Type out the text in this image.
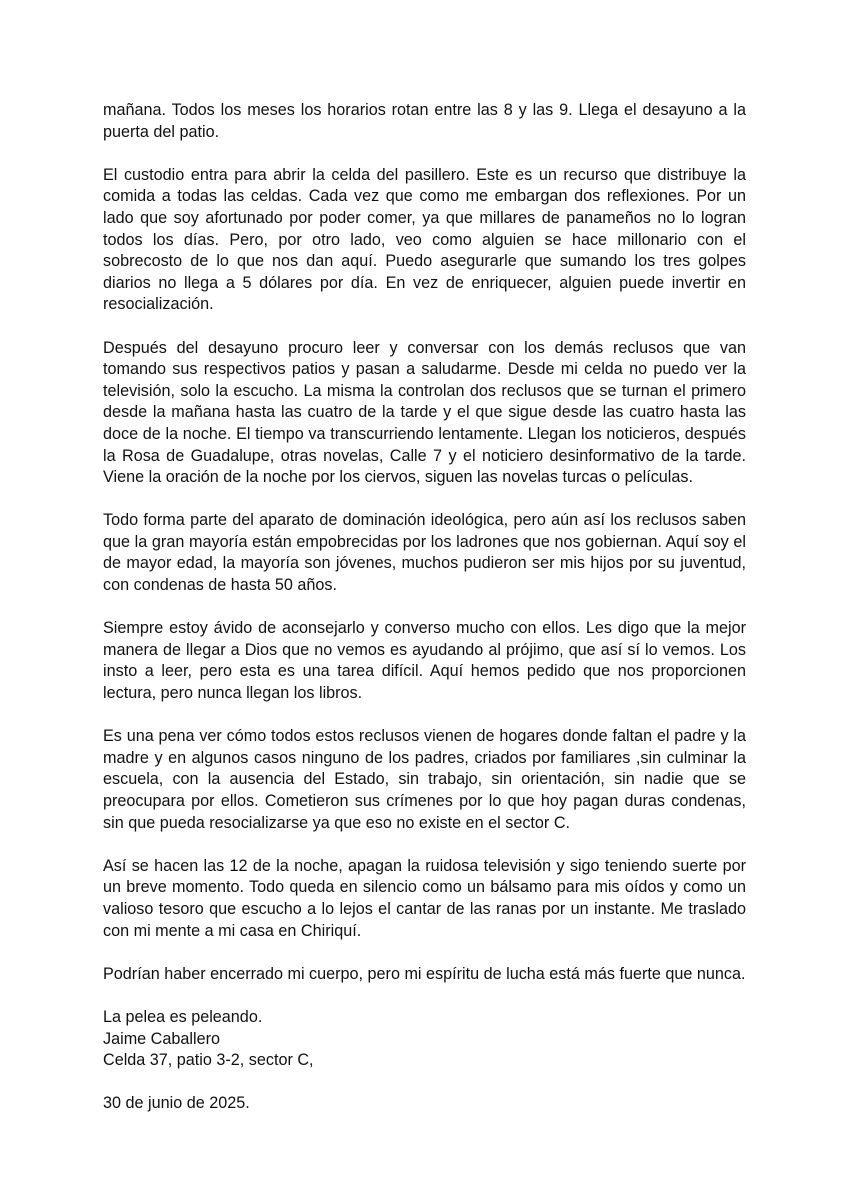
mañana. Todos los meses los horarios rotan entre las 8 y las 9. Llega el desayuno a la puerta del patio.

El custodio entra para abrir la celda del pasillero. Este es un recurso que distribuye la comida a todas las celdas. Cada vez que como me embargan dos reflexiones. Por un lado que soy afortunado por poder comer, ya que millares de panameños no lo logran todos los días. Pero, por otro lado, veo como alguien se hace millonario con el sobrecosto de lo que nos dan aquí. Puedo asegurarle que sumando los tres golpes diarios no llega a 5 dólares por día. En vez de enriquecer, alguien puede invertir en resocialización.

Después del desayuno procuro leer y conversar con los demás reclusos que van tomando sus respectivos patios y pasan a saludarme. Desde mi celda no puedo ver la televisión, solo la escucho. La misma la controlan dos reclusos que se turnan el primero desde la mañana hasta las cuatro de la tarde y el que sigue desde las cuatro hasta las doce de la noche. El tiempo va transcurriendo lentamente. Llegan los noticieros, después la Rosa de Guadalupe, otras novelas, Calle 7 y el noticiero desinformativo de la tarde. Viene la oración de la noche por los ciervos, siguen las novelas turcas o películas.

Todo forma parte del aparato de dominación ideológica, pero aún así los reclusos saben que la gran mayoría están empobrecidas por los ladrones que nos gobiernan. Aquí soy el de mayor edad, la mayoría son jóvenes, muchos pudieron ser mis hijos por su juventud, con condenas de hasta 50 años.

Siempre estoy ávido de aconsejarlo y converso mucho con ellos. Les digo que la mejor manera de llegar a Dios que no vemos es ayudando al prójimo, que así sí lo vemos. Los insto a leer, pero esta es una tarea difícil. Aquí hemos pedido que nos proporcionen lectura, pero nunca llegan los libros.

Es una pena ver cómo todos estos reclusos vienen de hogares donde faltan el padre y la madre y en algunos casos ninguno de los padres, criados por familiares ,sin culminar la escuela, con la ausencia del Estado, sin trabajo, sin orientación, sin nadie que se preocupara por ellos. Cometieron sus crímenes por lo que hoy pagan duras condenas, sin que pueda resocializarse ya que eso no existe en el sector C.

Así se hacen las 12 de la noche, apagan la ruidosa televisión y sigo teniendo suerte por un breve momento. Todo queda en silencio como un bálsamo para mis oídos y como un valioso tesoro que escucho a lo lejos el cantar de las ranas por un instante. Me traslado con mi mente a mi casa en Chiriquí.

Podrían haber encerrado mi cuerpo, pero mi espíritu de lucha está más fuerte que nunca.

La pelea es peleando.
Jaime Caballero
Celda 37, patio 3-2, sector C,

30 de junio de 2025.
